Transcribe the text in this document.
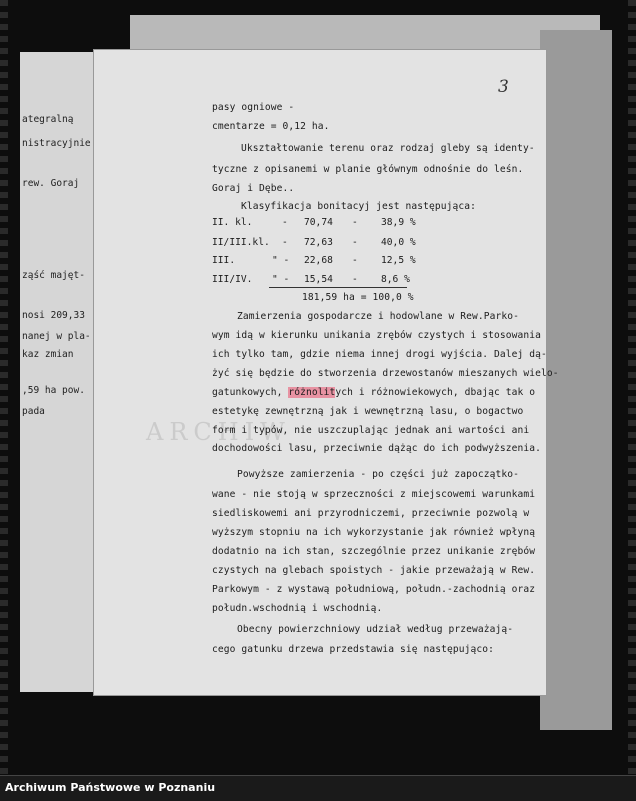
ategralną
nistracyjnie
rew. Goraj
ząść majęt-
nosi 209,33
nanej w pla-
kaz zmian
,59 ha pow.
pada
3
ARCHIW
pasy ogniowe -
cmentarze = 0,12 ha.
Ukształtowanie terenu oraz rodzaj gleby są identy-
tyczne z opisanemi w planie głównym odnośnie do leśn.
Goraj i Dębe..
Klasyfikacja bonitacyj jest następująca:
II. kl.	- 70,74 - 38,9 %
II/III.kl. - 72,63 - 40,0 %
III.	" - 22,68 - 12,5 %
III/IV. " - 15,54 - 8,6 %
181,59 ha = 100,0 %
Zamierzenia gospodarcze i hodowlane w Rew.Parko-
wym idą w kierunku unikania zrębów czystych i stosowania
ich tylko tam, gdzie niema innej drogi wyjścia. Dalej dą-
żyć się będzie do stworzenia drzewostanów mieszanych wielo-
gatunkowych, różnolitych i różnowiekowych, dbając tak o
estetykę zewnętrzną jak i wewnętrzną lasu, o bogactwo
form i typów, nie uszczuplając jednak ani wartości ani
dochodowości lasu, przeciwnie dążąc do ich podwyższenia.
Powyższe zamierzenia - po części już zapoczątko-
wane - nie stoją w sprzeczności z miejscowemi warunkami
siedliskowemi ani przyrodniczemi, przeciwnie pozwolą w
wyższym stopniu na ich wykorzystanie jak również wpłyną
dodatnio na ich stan, szczególnie przez unikanie zrębów
czystych na glebach spoistych - jakie przeważają w Rew.
Parkowym - z wystawą południową, połudn.-zachodnią oraz
połudn.wschodnią i wschodnią.
Obecny powierzchniowy udział według przeważają-
cego gatunku drzewa przedstawia się następująco:
Archiwum Państwowe w Poznaniu
